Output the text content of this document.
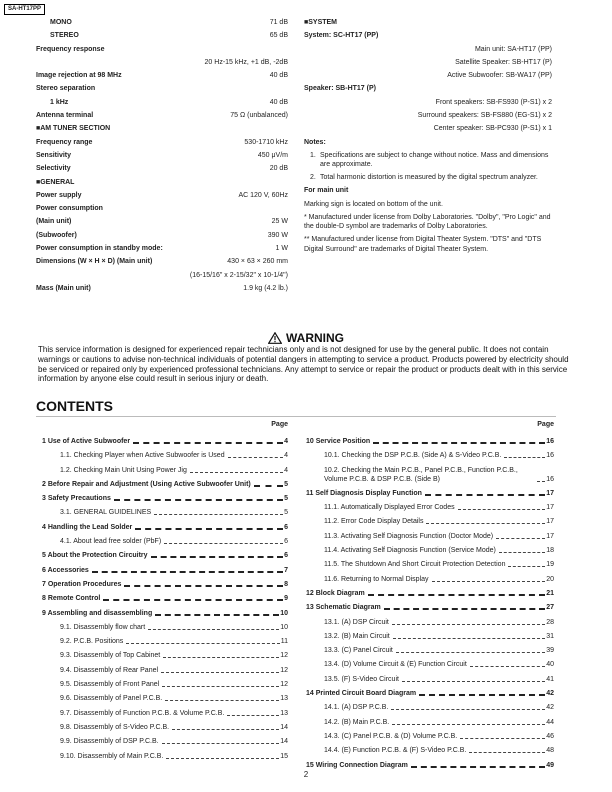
SA-HT17PP
MONO	71 dB
STEREO	65 dB
Frequency response
20 Hz-15 kHz, +1 dB, -2dB
Image rejection at 98 MHz	40 dB
Stereo separation
1 kHz	40 dB
Antenna terminal	75 Ω (unbalanced)
■AM TUNER SECTION
Frequency range	530-1710 kHz
Sensitivity	450 μV/m
Selectivity	20 dB
■GENERAL
Power supply	AC 120 V, 60Hz
Power consumption
(Main unit)	25 W
(Subwoofer)	390 W
Power consumption in standby mode:	1 W
Dimensions (W × H × D) (Main unit)	430 × 63 × 260 mm
(16-15/16" x 2-15/32" x 10-1/4")
Mass (Main unit)	1.9 kg (4.2 lb.)
■SYSTEM
System: SC-HT17 (PP)
Main unit: SA-HT17 (PP)
Satellite Speaker: SB-HT17 (P)
Active Subwoofer: SB-WA17 (PP)
Speaker: SB-HT17 (P)
Front speakers: SB-FS930 (P-S1) x 2
Surround speakers: SB-FS880 (EG-S1) x 2
Center speaker: SB-PC930 (P-S1) x 1
Notes:
1. Specifications are subject to change without notice. Mass and dimensions are approximate.
2. Total harmonic distortion is measured by the digital spectrum analyzer.
For main unit
Marking sign is located on bottom of the unit.
* Manufactured under license from Dolby Laboratories. "Dolby", "Pro Logic" and the double-D symbol are trademarks of Dolby Laboratories.
** Manufactured under license from Digital Theater System. "DTS" and "DTS Digital Surround" are trademarks of Digital Theater System.
WARNING
This service information is designed for experienced repair technicians only and is not designed for use by the general public. It does not contain warnings or cautions to advise non-technical individuals of potential dangers in attempting to service a product. Products powered by electricity should be serviced or repaired only by experienced professional technicians. Any attempt to service or repair the product or products dealt with in this service information by anyone else could result in serious injury or death.
CONTENTS
Page
1 Use of Active Subwoofer	4
1.1. Checking Player when Active Subwoofer is Used	4
1.2. Checking Main Unit Using Power Jig	4
2 Before Repair and Adjustment (Using Active Subwoofer Unit)	5
3 Safety Precautions	5
3.1. GENERAL GUIDELINES	5
4 Handling the Lead Solder	6
4.1. About lead free solder (PbF)	6
5 About the Protection Circuitry	6
6 Accessories	7
7 Operation Procedures	8
8 Remote Control	9
9 Assembling and disassembling	10
9.1. Disassembly flow chart	10
9.2. P.C.B. Positions	11
9.3. Disassembly of Top Cabinet	12
9.4. Disassembly of Rear Panel	12
9.5. Disassembly of Front Panel	12
9.6. Disassembly of Panel P.C.B.	13
9.7. Disassembly of Function P.C.B. & Volume P.C.B.	13
9.8. Disassembly of S-Video P.C.B.	14
9.9. Disassembly of DSP P.C.B.	14
9.10. Disassembly of Main P.C.B.	15
Page
10 Service Position	16
10.1. Checking the DSP P.C.B. (Side A) & S-Video P.C.B.	16
10.2. Checking the Main P.C.B., Panel P.C.B., Function P.C.B., Volume P.C.B. & DSP P.C.B. (Side B)	16
11 Self Diagnosis Display Function	17
11.1. Automatically Displayed Error Codes	17
11.2. Error Code Display Details	17
11.3. Activating Self Diagnosis Function (Doctor Mode)	17
11.4. Activating Self Diagnosis Function (Service Mode)	18
11.5. The Shutdown And Short Circuit Protection Detection	19
11.6. Returning to Normal Display	20
12 Block Diagram	21
13 Schematic Diagram	27
13.1. (A) DSP Circuit	28
13.2. (B) Main Circuit	31
13.3. (C) Panel Circuit	39
13.4. (D) Volume Circuit & (E) Function Circuit	40
13.5. (F) S-Video Circuit	41
14 Printed Circuit Board Diagram	42
14.1. (A) DSP P.C.B.	42
14.2. (B) Main P.C.B.	44
14.3. (C) Panel P.C.B. & (D) Volume P.C.B.	46
14.4. (E) Function P.C.B. & (F) S-Video P.C.B.	48
15 Wiring Connection Diagram	49
2
